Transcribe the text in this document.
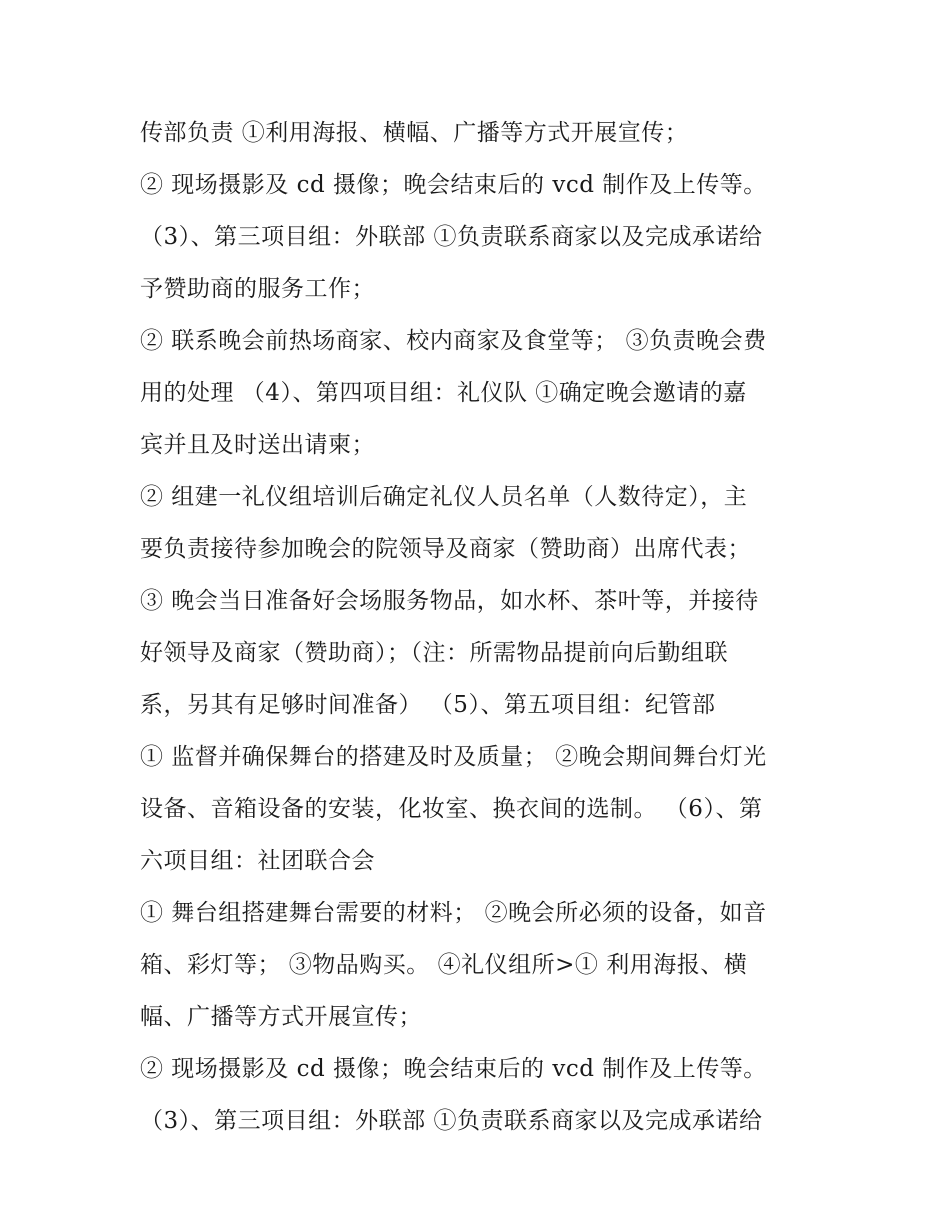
传部负责 ①利用海报、横幅、广播等方式开展宣传；
② 现场摄影及 cd 摄像；晚会结束后的 vcd 制作及上传等。
（3）、第三项目组：外联部 ①负责联系商家以及完成承诺给
予赞助商的服务工作；
② 联系晚会前热场商家、校内商家及食堂等； ③负责晚会费
用的处理 （4）、第四项目组：礼仪队 ①确定晚会邀请的嘉
宾并且及时送出请柬；
② 组建一礼仪组培训后确定礼仪人员名单（人数待定），主
要负责接待参加晚会的院领导及商家（赞助商）出席代表；
③ 晚会当日准备好会场服务物品，如水杯、茶叶等，并接待
好领导及商家（赞助商）；（注：所需物品提前向后勤组联
系，另其有足够时间准备） （5）、第五项目组：纪管部
① 监督并确保舞台的搭建及时及质量； ②晚会期间舞台灯光
设备、音箱设备的安装，化妆室、换衣间的选制。 （6）、第
六项目组：社团联合会
① 舞台组搭建舞台需要的材料； ②晚会所必须的设备，如音
箱、彩灯等； ③物品购买。 ④礼仪组所>① 利用海报、横
幅、广播等方式开展宣传；
② 现场摄影及 cd 摄像；晚会结束后的 vcd 制作及上传等。
（3）、第三项目组：外联部 ①负责联系商家以及完成承诺给
